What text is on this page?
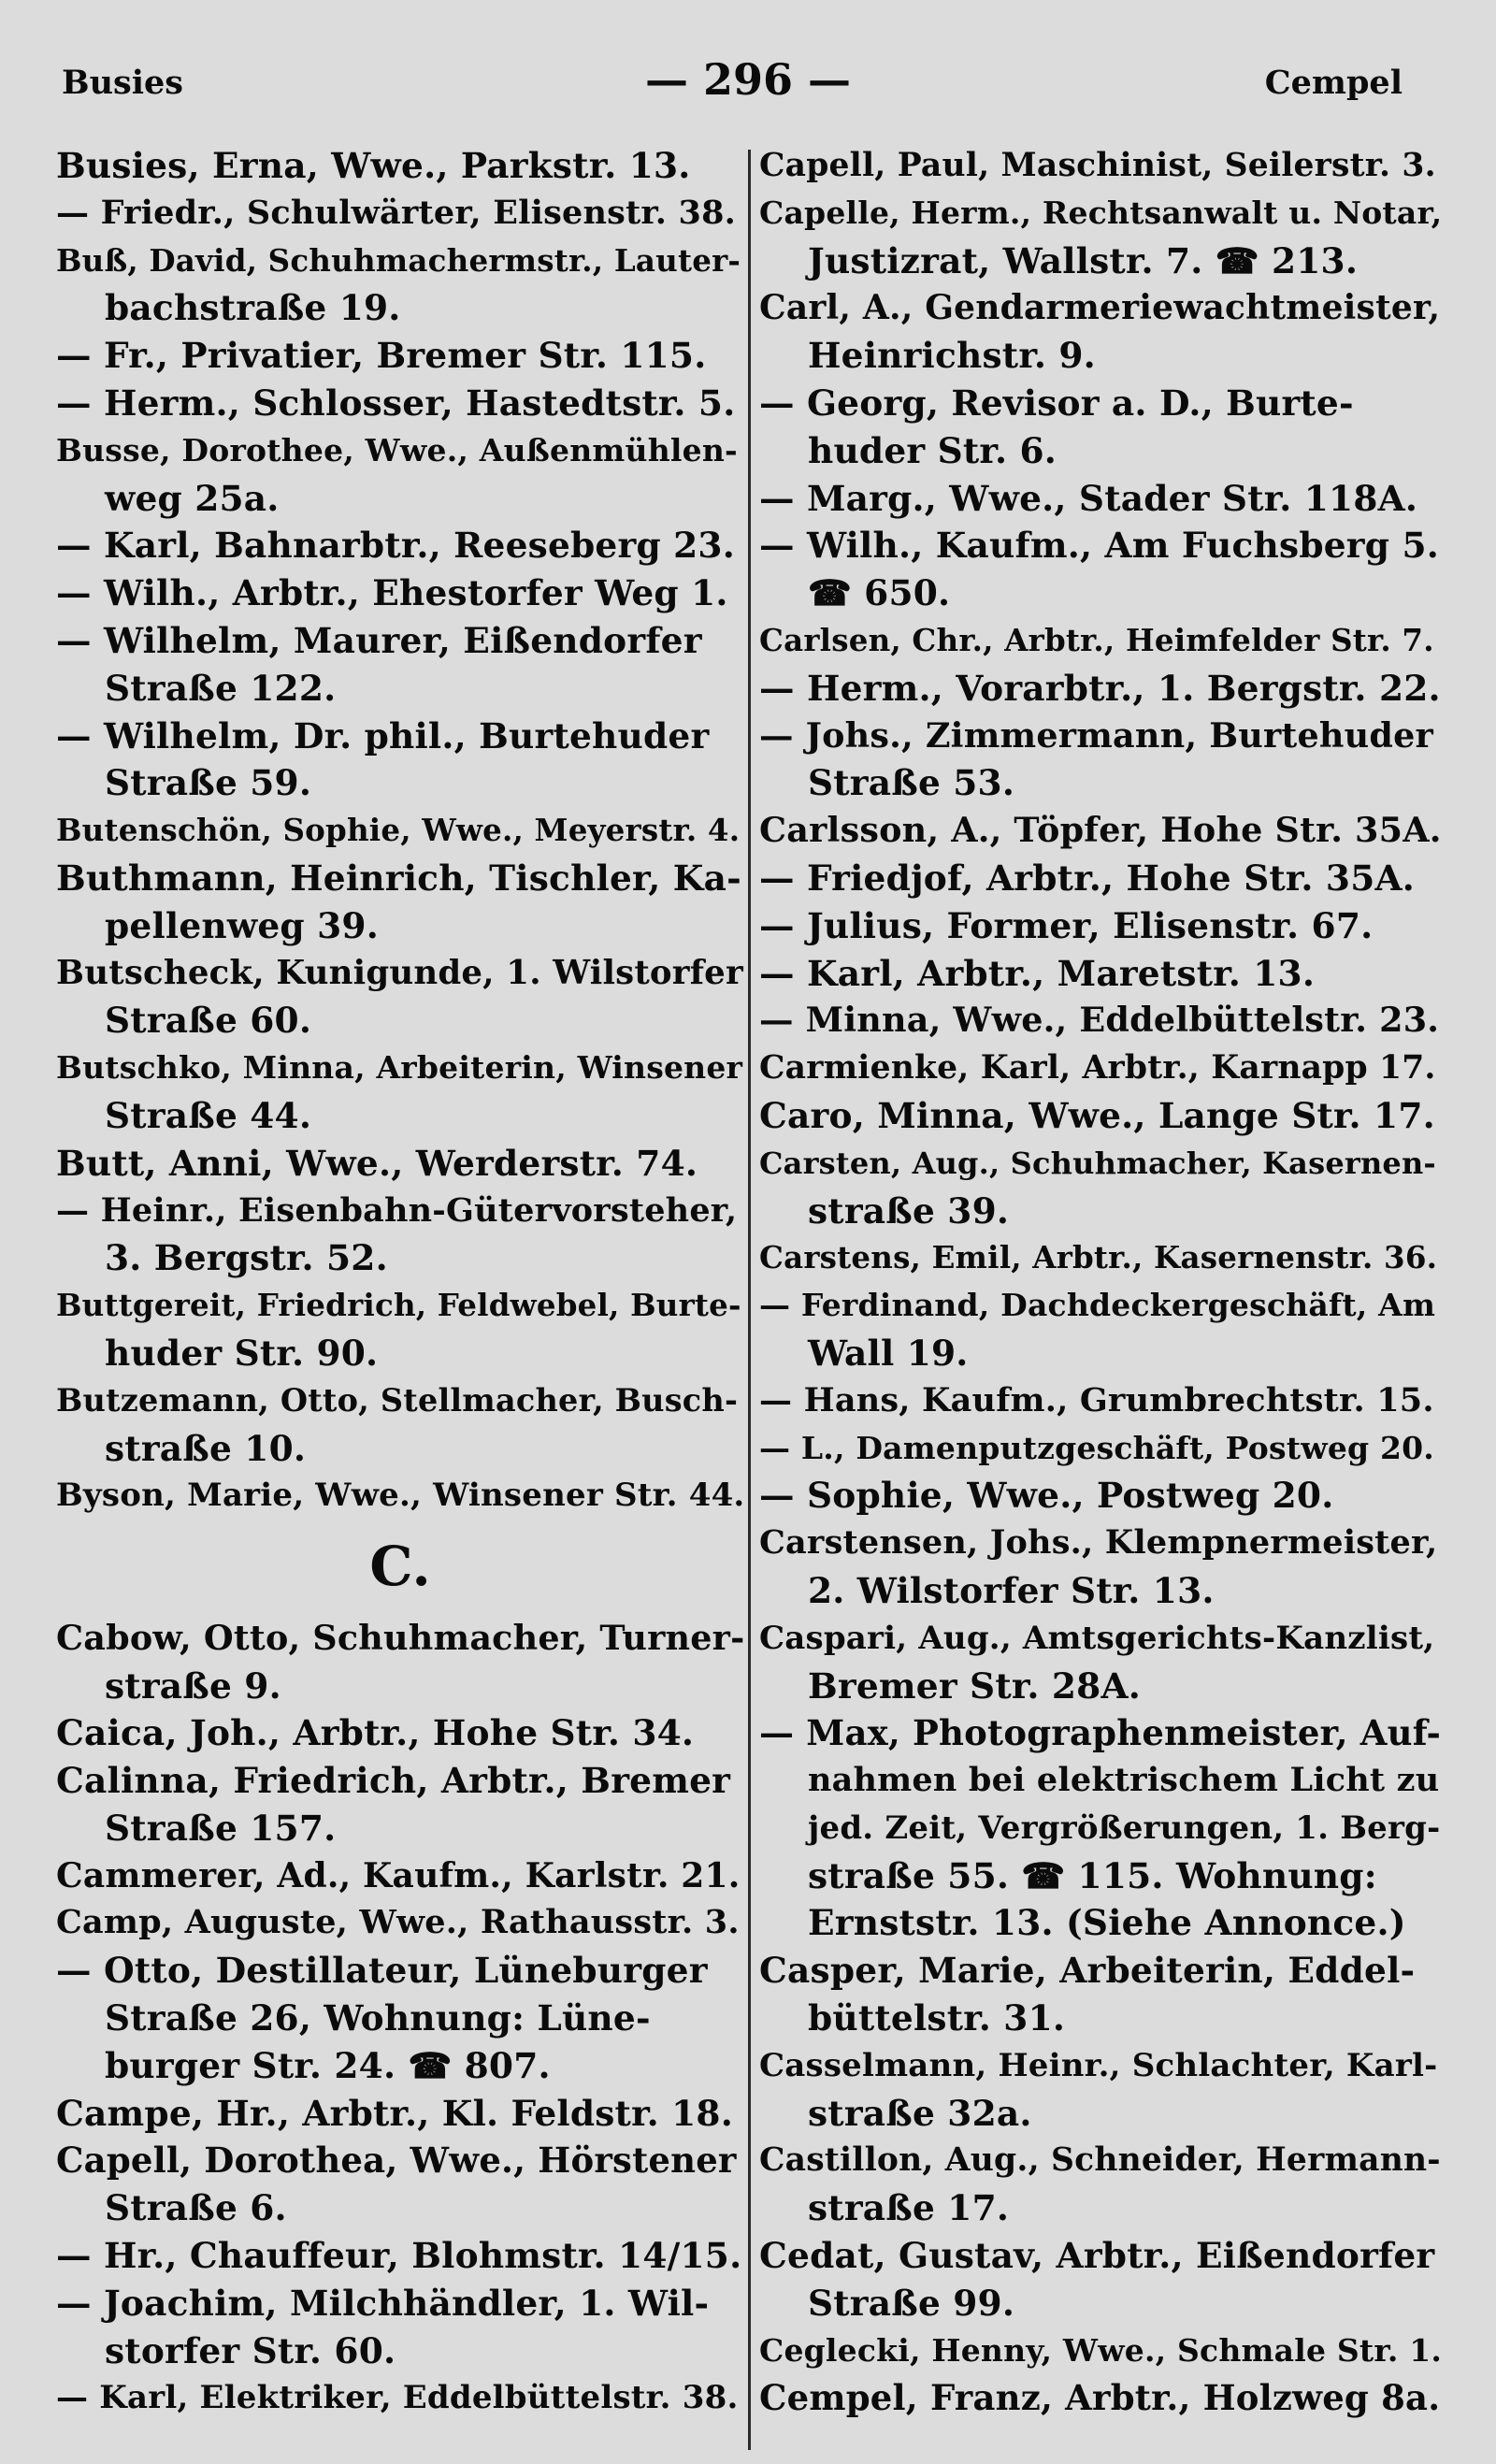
Busies	— 296 —	Cempel
Busies, Erna, Wwe., Parkstr. 13.
— Friedr., Schulwärter, Elisenstr. 38.
Buß, David, Schuhmachermstr., Lauter-
bachstraße 19.
— Fr., Privatier, Bremer Str. 115.
— Herm., Schlosser, Hastedtstr. 5.
Busse, Dorothee, Wwe., Außenmühlen-
weg 25a.
— Karl, Bahnarbtr., Reeseberg 23.
— Wilh., Arbtr., Ehestorfer Weg 1.
— Wilhelm, Maurer, Eißendorfer
Straße 122.
— Wilhelm, Dr. phil., Burtehuder
Straße 59.
Butenschön, Sophie, Wwe., Meyerstr. 4.
Buthmann, Heinrich, Tischler, Ka-
pellenweg 39.
Butscheck, Kunigunde, 1. Wilstorfer
Straße 60.
Butschko, Minna, Arbeiterin, Winsener
Straße 44.
Butt, Anni, Wwe., Werderstr. 74.
— Heinr., Eisenbahn-Gütervorsteher,
3. Bergstr. 52.
Buttgereit, Friedrich, Feldwebel, Burte-
huder Str. 90.
Butzemann, Otto, Stellmacher, Busch-
straße 10.
Byson, Marie, Wwe., Winsener Str. 44.
C.
Cabow, Otto, Schuhmacher, Turner-
straße 9.
Caica, Joh., Arbtr., Hohe Str. 34.
Calinna, Friedrich, Arbtr., Bremer
Straße 157.
Cammerer, Ad., Kaufm., Karlstr. 21.
Camp, Auguste, Wwe., Rathausstr. 3.
— Otto, Destillateur, Lüneburger
Straße 26, Wohnung: Lüne-
burger Str. 24. ☎ 807.
Campe, Hr., Arbtr., Kl. Feldstr. 18.
Capell, Dorothea, Wwe., Hörstener
Straße 6.
— Hr., Chauffeur, Blohmstr. 14/15.
— Joachim, Milchhändler, 1. Wil-
storfer Str. 60.
— Karl, Elektriker, Eddelbüttelstr. 38.
Capell, Paul, Maschinist, Seilerstr. 3.
Capelle, Herm., Rechtsanwalt u. Notar,
Justizrat, Wallstr. 7. ☎ 213.
Carl, A., Gendarmeriewachtmeister,
Heinrichstr. 9.
— Georg, Revisor a. D., Burte-
huder Str. 6.
— Marg., Wwe., Stader Str. 118A.
— Wilh., Kaufm., Am Fuchsberg 5.
☎ 650.
Carlsen, Chr., Arbtr., Heimfelder Str. 7.
— Herm., Vorarbtr., 1. Bergstr. 22.
— Johs., Zimmermann, Burtehuder
Straße 53.
Carlsson, A., Töpfer, Hohe Str. 35A.
— Friedjof, Arbtr., Hohe Str. 35A.
— Julius, Former, Elisenstr. 67.
— Karl, Arbtr., Maretstr. 13.
— Minna, Wwe., Eddelbüttelstr. 23.
Carmienke, Karl, Arbtr., Karnapp 17.
Caro, Minna, Wwe., Lange Str. 17.
Carsten, Aug., Schuhmacher, Kasernen-
straße 39.
Carstens, Emil, Arbtr., Kasernenstr. 36.
— Ferdinand, Dachdeckergeschäft, Am
Wall 19.
— Hans, Kaufm., Grumbrechtstr. 15.
— L., Damenputzgeschäft, Postweg 20.
— Sophie, Wwe., Postweg 20.
Carstensen, Johs., Klempnermeister,
2. Wilstorfer Str. 13.
Caspari, Aug., Amtsgerichts-Kanzlist,
Bremer Str. 28A.
— Max, Photographenmeister, Auf-
nahmen bei elektrischem Licht zu
jed. Zeit, Vergrößerungen, 1. Berg-
straße 55. ☎ 115. Wohnung:
Ernststr. 13. (Siehe Annonce.)
Casper, Marie, Arbeiterin, Eddel-
büttelstr. 31.
Casselmann, Heinr., Schlachter, Karl-
straße 32a.
Castillon, Aug., Schneider, Hermann-
straße 17.
Cedat, Gustav, Arbtr., Eißendorfer
Straße 99.
Ceglecki, Henny, Wwe., Schmale Str. 1.
Cempel, Franz, Arbtr., Holzweg 8a.
